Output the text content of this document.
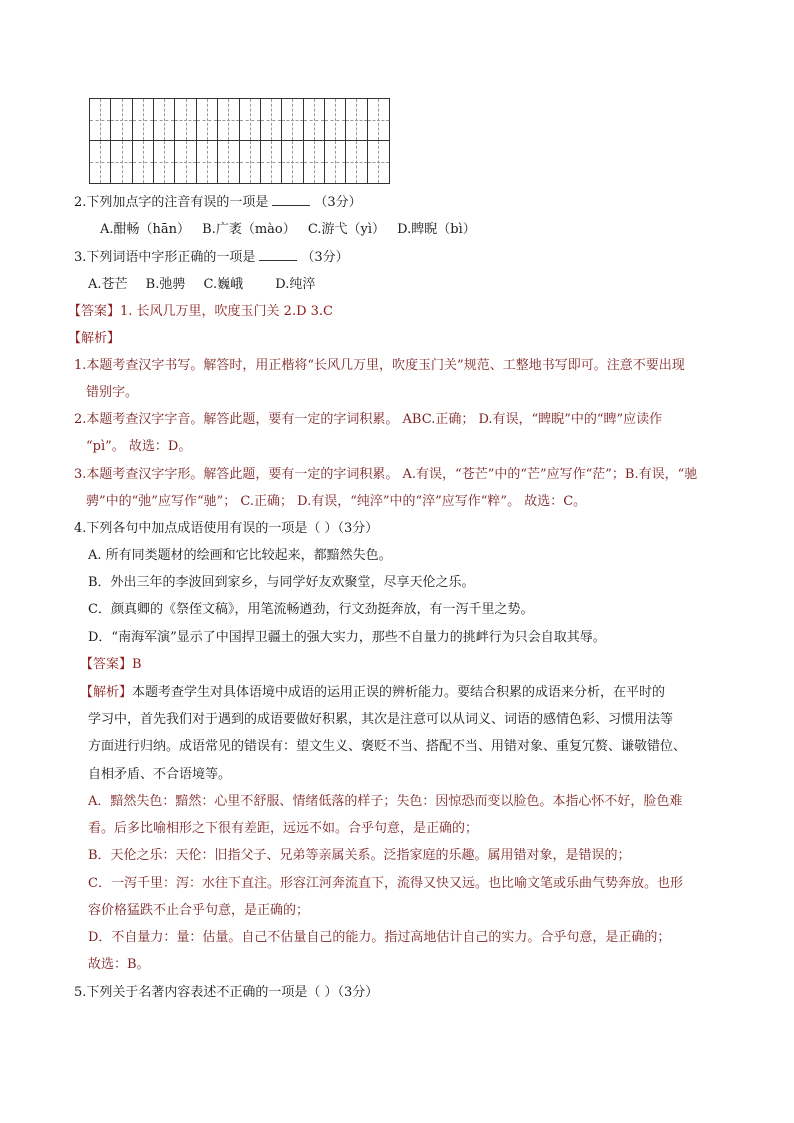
2.下列加点字的注音有误的一项是	（3分）
A.酣畅（hān） B.广袤（mào） C.游弋（yì） D.睥睨（bì）
3.下列词语中字形正确的一项是	（3分）
A.苍芒 B.弛骋 C.巍峨 D.纯淬
【答案】1. 长风几万里，吹度玉门关 2.D 3.C
【解析】
1.本题考查汉字书写。解答时，用正楷将“长风几万里，吹度玉门关”规范、工整地书写即可。注意不要出现
错别字。
2.本题考查汉字字音。解答此题，要有一定的字词积累。 ABC.正确； D.有误，“睥睨”中的“睥”应读作
“pì”。 故选：D。
3.本题考查汉字字形。解答此题，要有一定的字词积累。 A.有误，“苍芒”中的“芒”应写作“茫”；B.有误，“驰
骋”中的“弛”应写作“驰”； C.正确； D.有误，“纯淬”中的“淬”应写作“粹”。 故选：C。
4.下列各句中加点成语使用有误的一项是（ ）（3分）
A. 所有同类题材的绘画和它比较起来，都黯然失色。
B．外出三年的李波回到家乡，与同学好友欢聚堂，尽享天伦之乐。
C．颜真卿的《祭侄文稿》，用笔流畅遒劲，行文劲挺奔放，有一泻千里之势。
D．“南海军演”显示了中国捍卫疆土的强大实力，那些不自量力的挑衅行为只会自取其辱。
【答案】B
【解析】本题考查学生对具体语境中成语的运用正误的辨析能力。要结合积累的成语来分析，在平时的
学习中，首先我们对于遇到的成语要做好积累，其次是注意可以从词义、词语的感情色彩、习惯用法等
方面进行归纳。成语常见的错误有：望文生义、褒贬不当、搭配不当、用错对象、重复冗赘、谦敬错位、
自相矛盾、不合语境等。
A．黯然失色：黯然：心里不舒服、情绪低落的样子；失色：因惊恐而变以脸色。本指心怀不好，脸色难
看。后多比喻相形之下很有差距，远远不如。合乎句意，是正确的；
B．天伦之乐：天伦：旧指父子、兄弟等亲属关系。泛指家庭的乐趣。属用错对象，是错误的；
C．一泻千里：泻：水往下直注。形容江河奔流直下，流得又快又远。也比喻文笔或乐曲气势奔放。也形
容价格猛跌不止合乎句意，是正确的；
D．不自量力：量：估量。自己不估量自己的能力。指过高地估计自己的实力。合乎句意，是正确的；
故选：B。
5.下列关于名著内容表述不正确的一项是（ ）（3分）
